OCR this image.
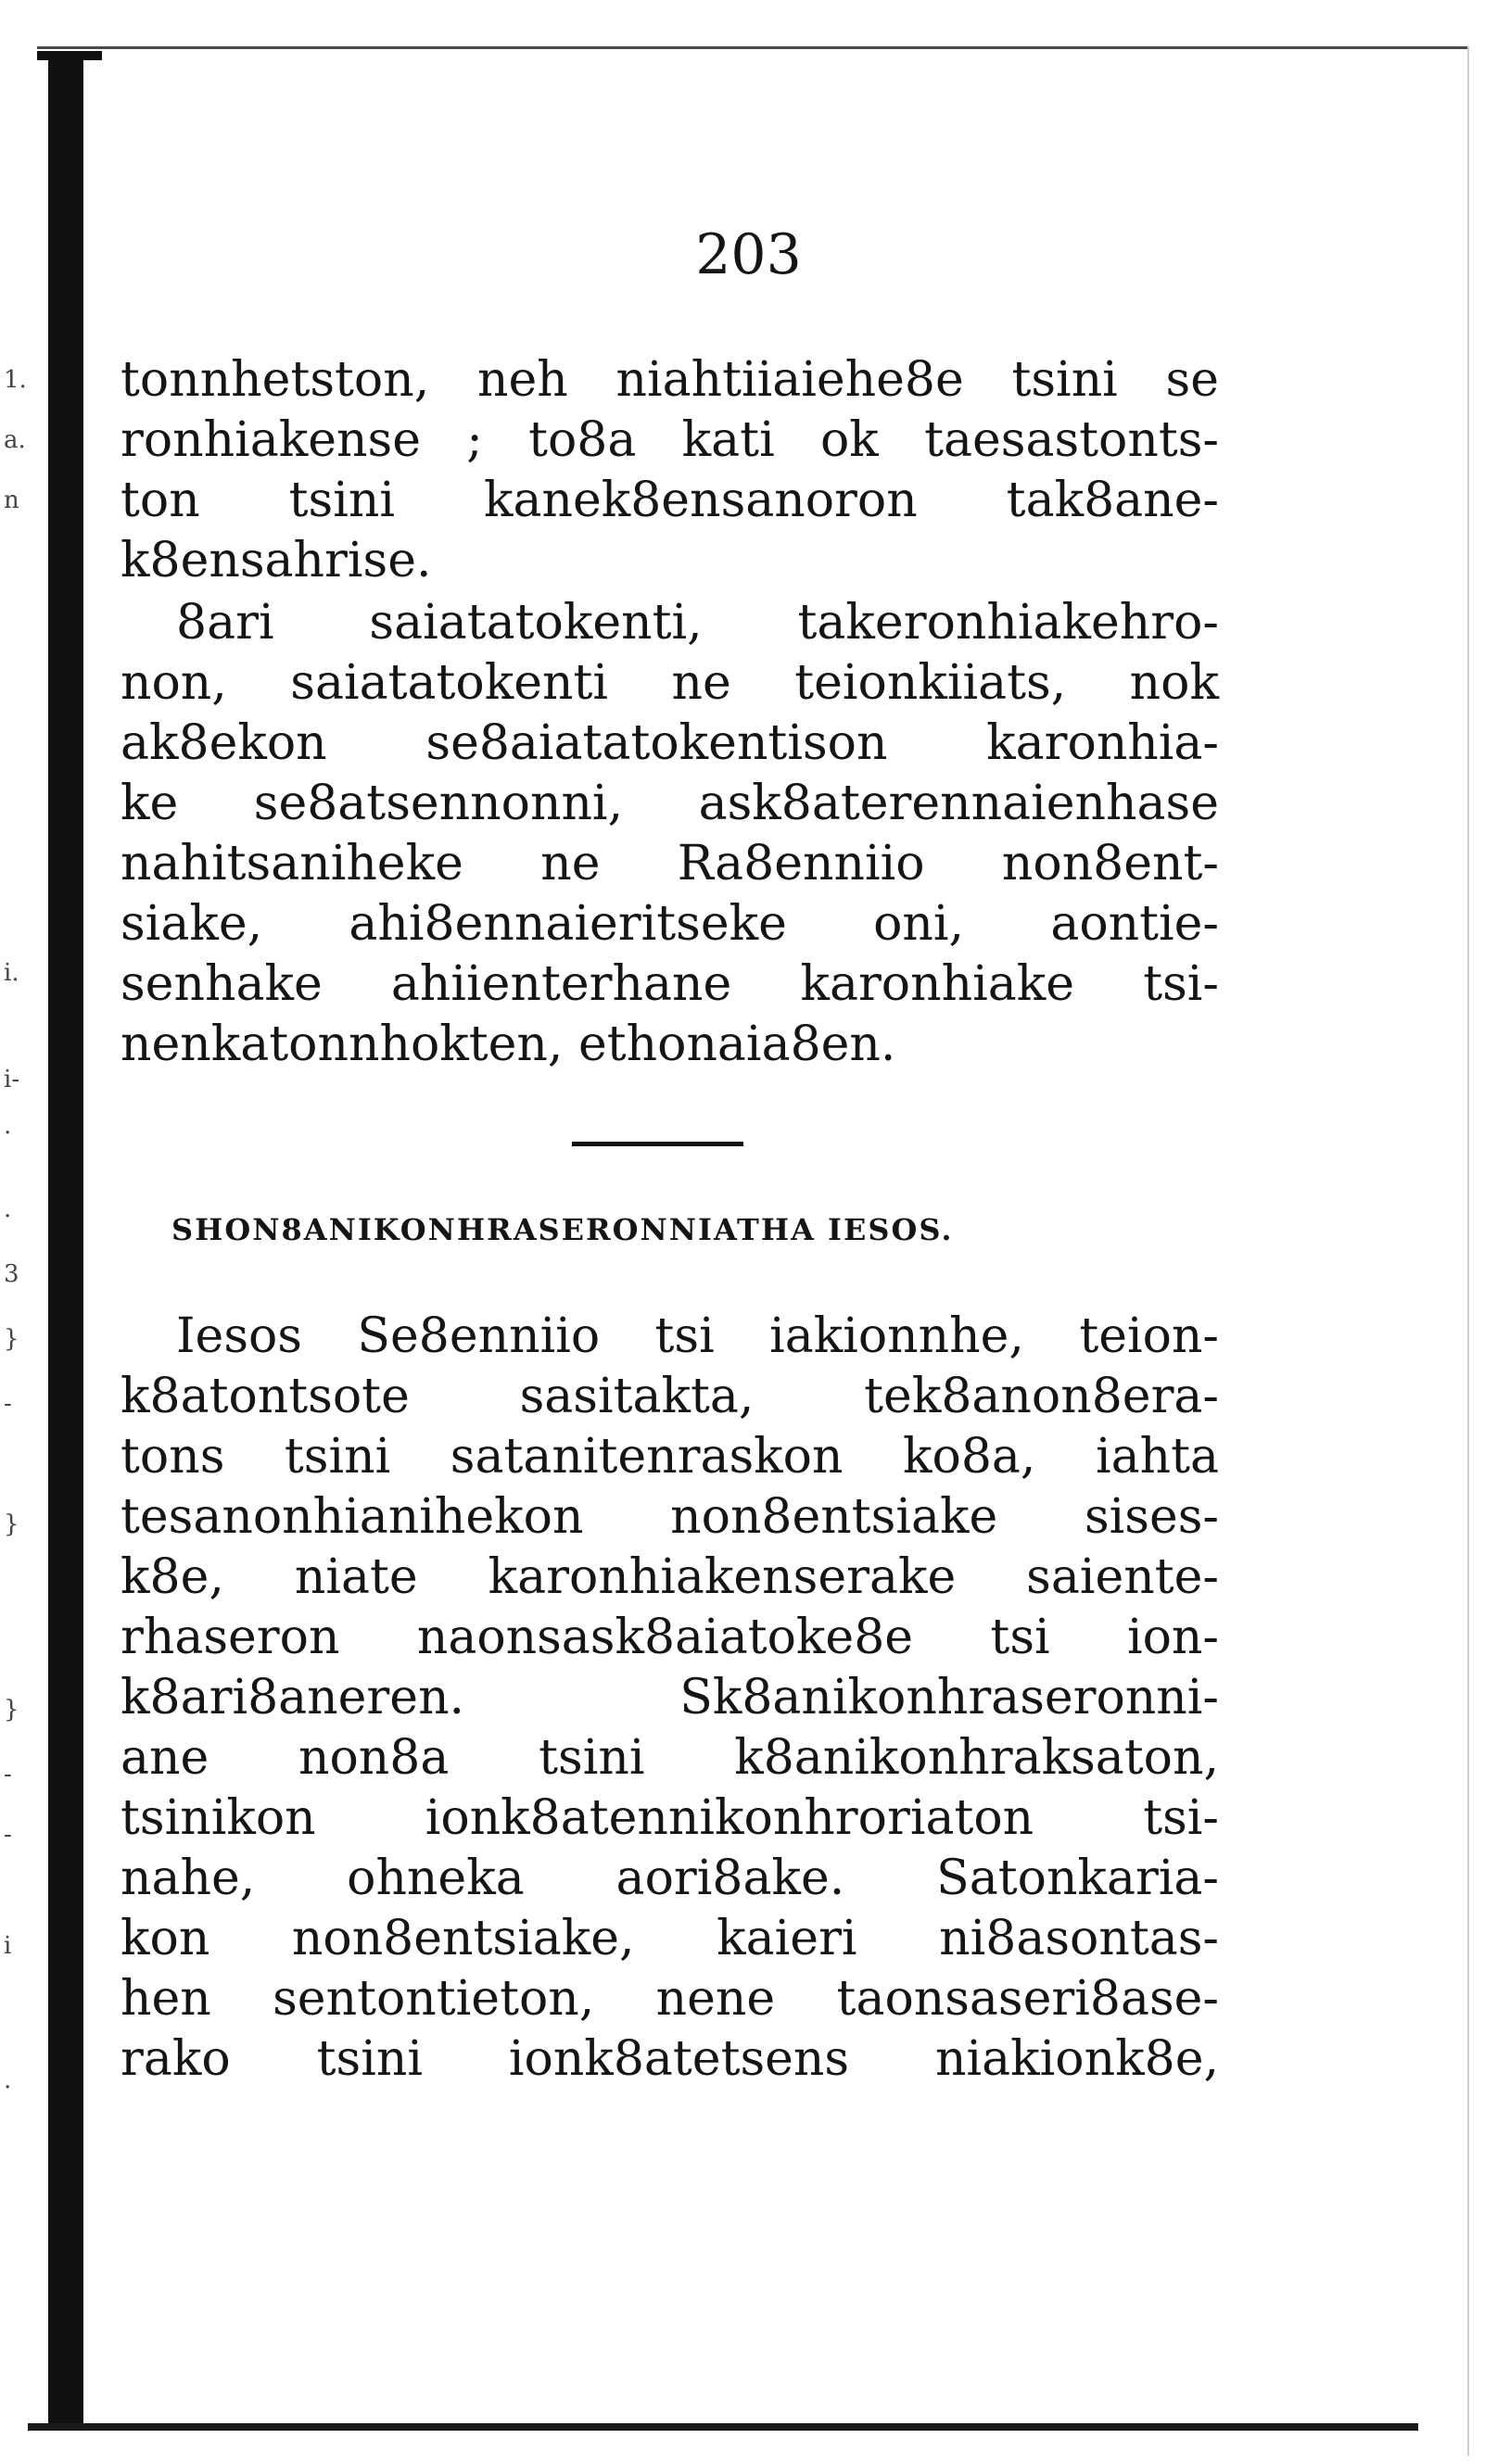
1.
a.
n
i.
i-
.
.
3
}
-
}
}
-
-
i
.
203
tonnhetston, neh niahtiiaiehe8e tsini se
ronhiakense ; to8a kati ok taesastonts-
ton tsini kanek8ensanoron tak8ane-
k8ensahrise.
8ari saiatatokenti, takeronhiakehro-
non, saiatatokenti ne teionkiiats, nok
ak8ekon se8aiatatokentison karonhia-
ke se8atsennonni, ask8aterennaienhase
nahitsaniheke ne Ra8enniio non8ent-
siake, ahi8ennaieritseke oni, aontie-
senhake ahiienterhane karonhiake tsi-
nenkatonnhokten, ethonaia8en.
SHON8ANIKONHRASERONNIATHA IESOS.
Iesos Se8enniio tsi iakionnhe, teion-
k8atontsote sasitakta, tek8anon8era-
tons tsini satanitenraskon ko8a, iahta
tesanonhianihekon non8entsiake sises-
k8e, niate karonhiakenserake saiente-
rhaseron naonsask8aiatoke8e tsi ion-
k8ari8aneren. Sk8anikonhraseronni-
ane non8a tsini k8anikonhraksaton,
tsinikon ionk8atennikonhroriaton tsi-
nahe, ohneka aori8ake. Satonkaria-
kon non8entsiake, kaieri ni8asontas-
hen sentontieton, nene taonsaseri8ase-
rako tsini ionk8atetsens niakionk8e,
